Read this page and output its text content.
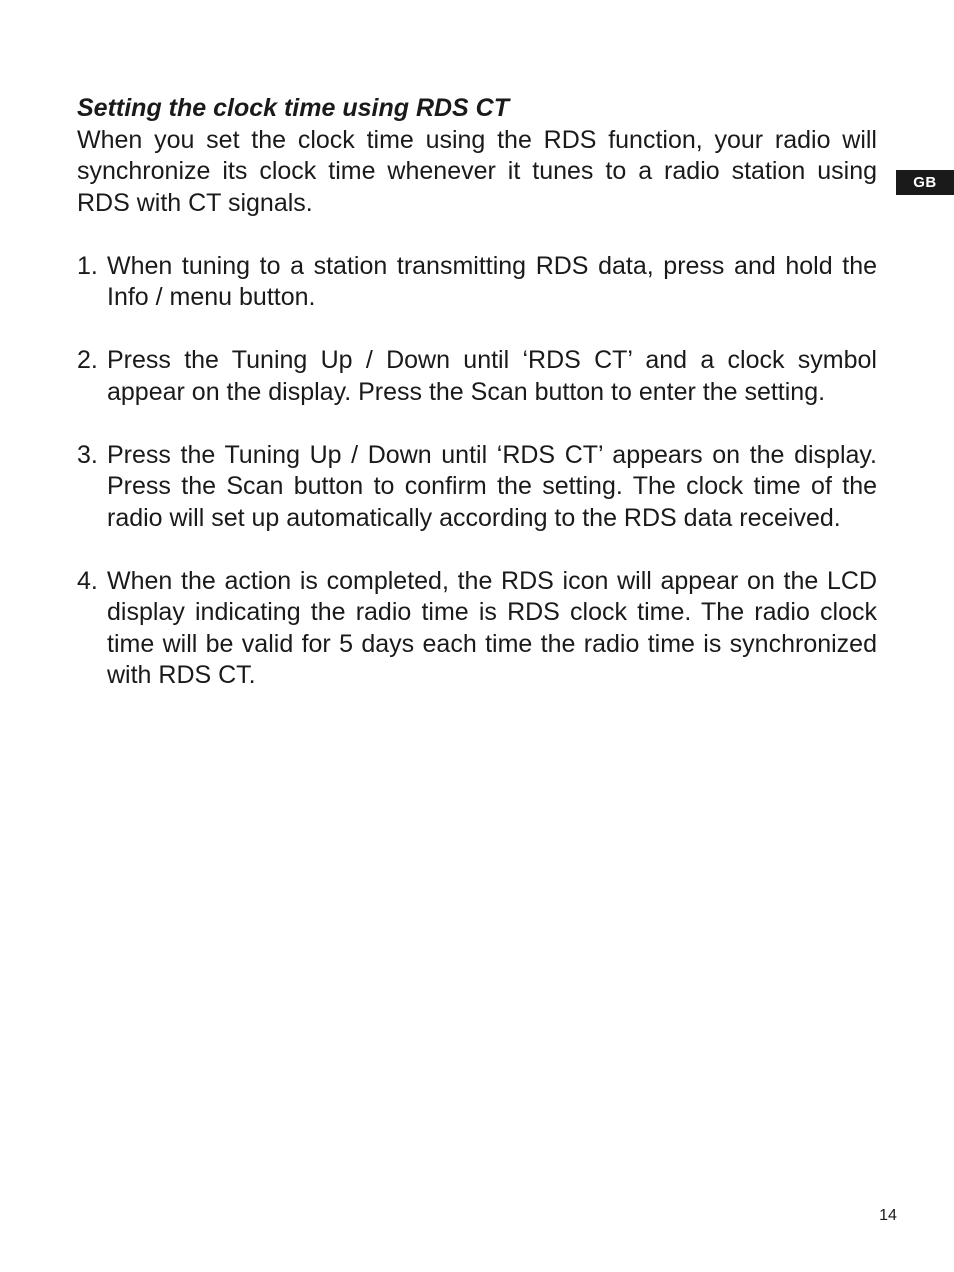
GB
Setting the clock time using RDS CT

When you set the clock time using the RDS function, your radio will synchronize its clock time whenever it tunes to a radio station using RDS with CT signals.

1. When tuning to a station transmitting RDS data, press and hold the Info / menu button.
2. Press the Tuning Up / Down until ‘RDS CT’ and a clock symbol appear on the display. Press the Scan button to enter the setting.
3. Press the Tuning Up / Down until ‘RDS CT’ appears on the display. Press the Scan button to confirm the setting. The clock time of the radio will set up automatically according to the RDS data received.
4. When the action is completed, the RDS icon will appear on the LCD display indicating the radio time is RDS clock time. The radio clock time will be valid for 5 days each time the radio time is synchronized with RDS CT.
14
